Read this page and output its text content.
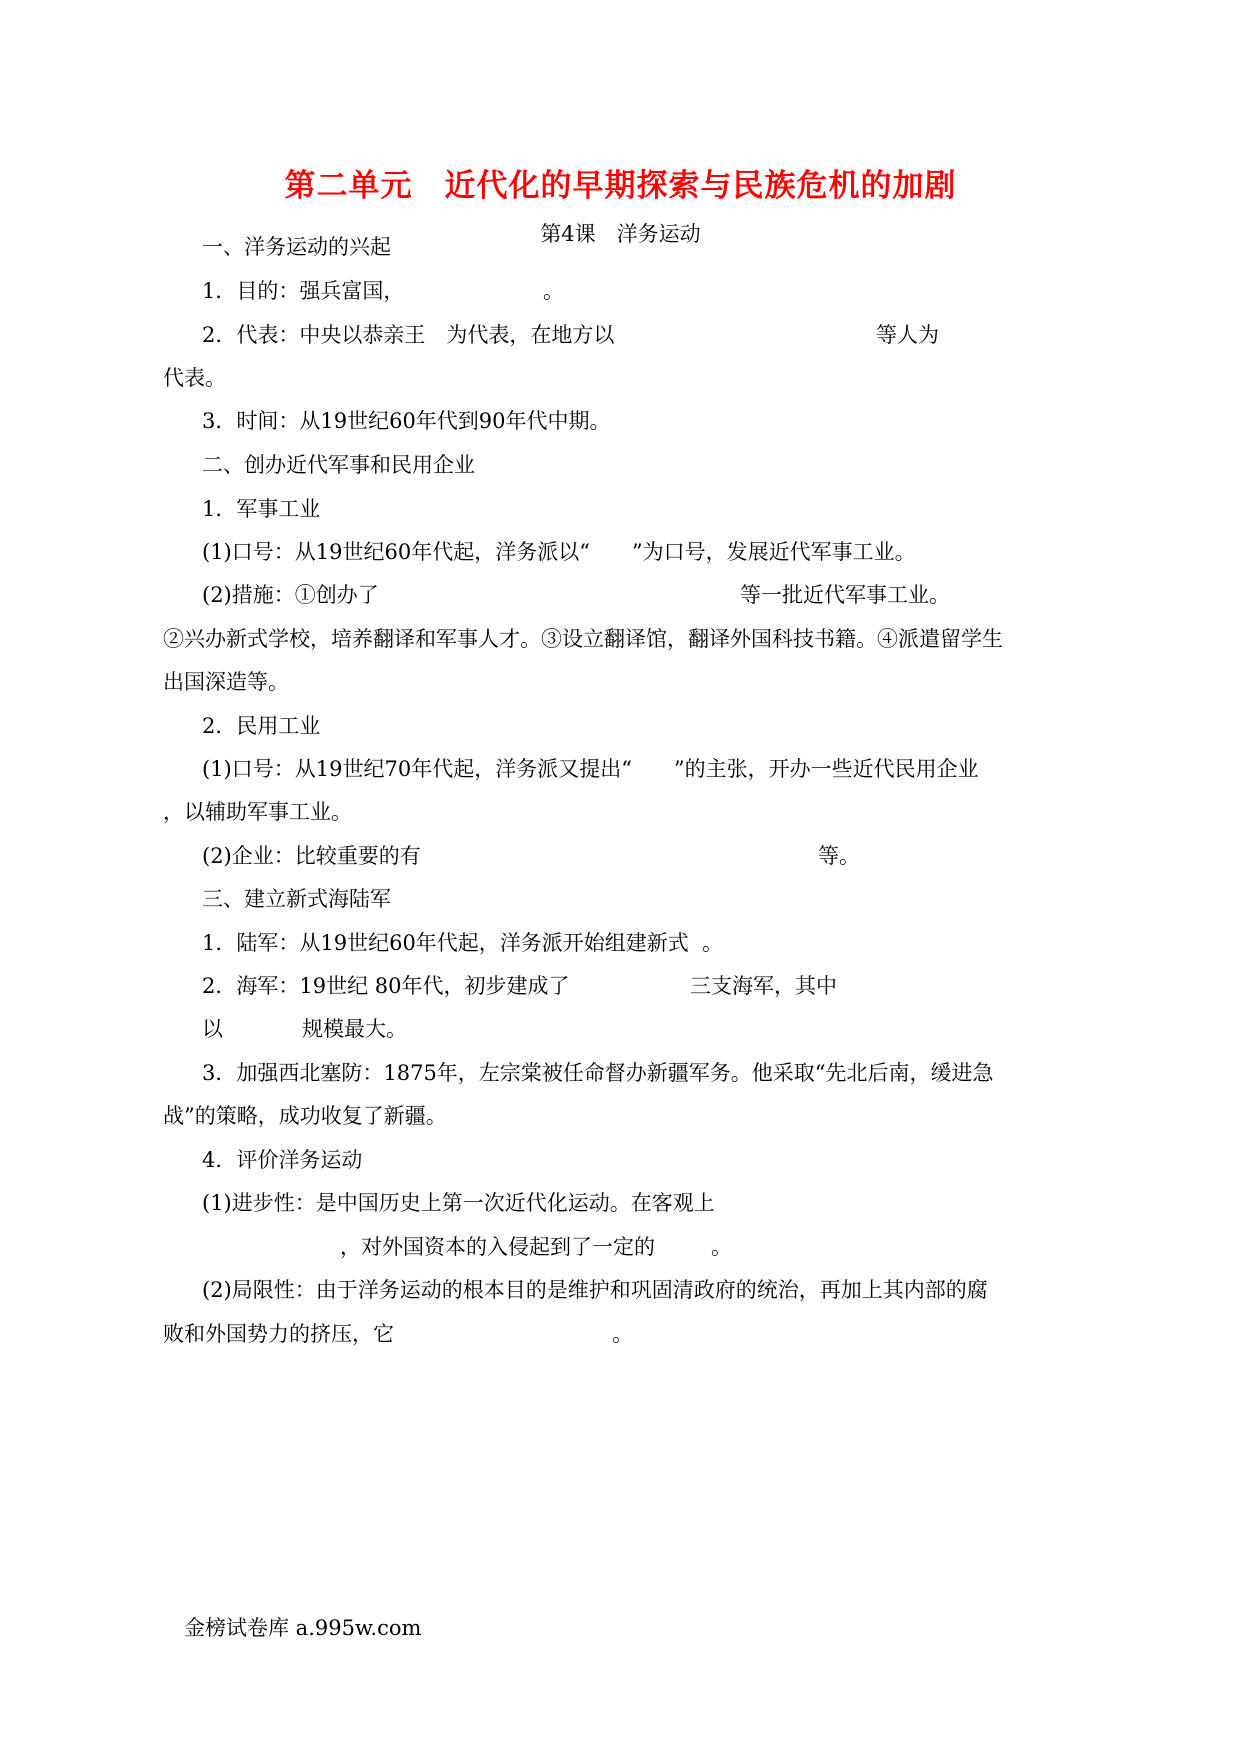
第二单元　近代化的早期探索与民族危机的加剧
第4课　洋务运动
一、洋务运动的兴起
1．目的：强兵富国，	。
2．代表：中央以恭亲王　为代表，在地方以	等人为
代表。
3．时间：从19世纪60年代到90年代中期。
二、创办近代军事和民用企业
1．军事工业
(1)口号：从19世纪60年代起，洋务派以“　　”为口号，发展近代军事工业。
(2)措施：①创办了	等一批近代军事工业。
②兴办新式学校，培养翻译和军事人才。③设立翻译馆，翻译外国科技书籍。④派遣留学生
出国深造等。
2．民用工业
(1)口号：从19世纪70年代起，洋务派又提出“　　”的主张，开办一些近代民用企业
，以辅助军事工业。
(2)企业：比较重要的有	等。
三、建立新式海陆军
1．陆军：从19世纪60年代起，洋务派开始组建新式 。
2．海军：19世纪 80年代，初步建成了	三支海军，其中
以	规模最大。
3．加强西北塞防：1875年，左宗棠被任命督办新疆军务。他采取“先北后南，缓进急
战”的策略，成功收复了新疆。
4．评价洋务运动
(1)进步性：是中国历史上第一次近代化运动。在客观上
，对外国资本的入侵起到了一定的	。
(2)局限性：由于洋务运动的根本目的是维护和巩固清政府的统治，再加上其内部的腐
败和外国势力的挤压，它	。
金榜试卷库 a.995w.com
